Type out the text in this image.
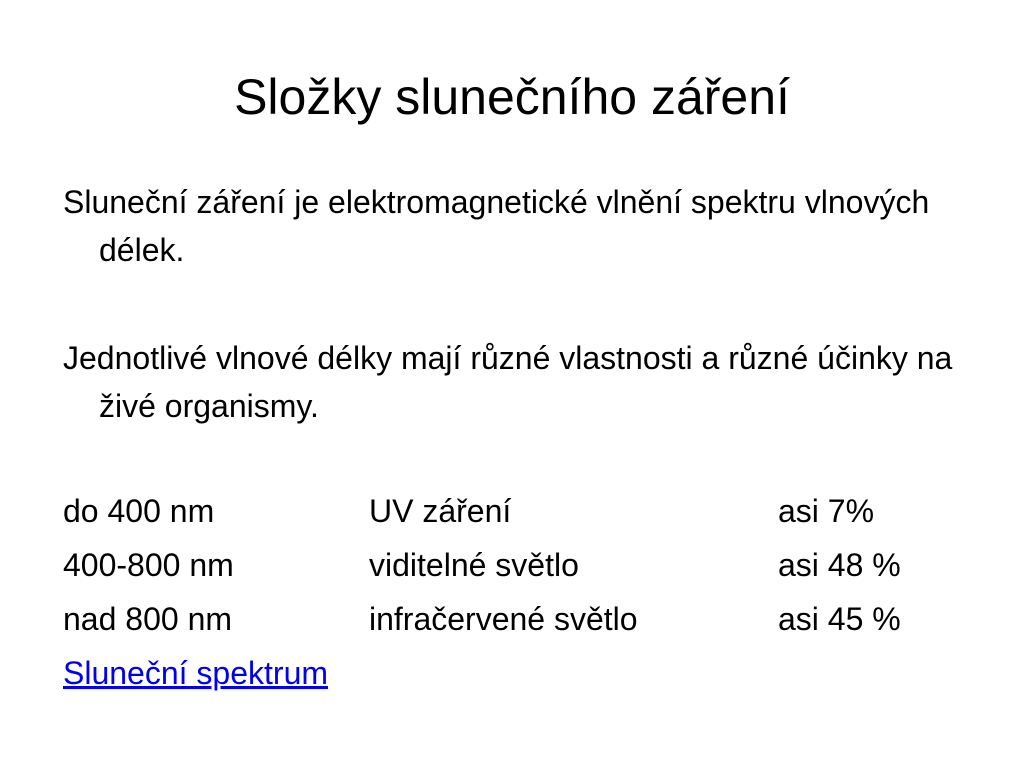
Složky slunečního záření

Sluneční záření je elektromagnetické vlnění spektru vlnových délek.

Jednotlivé vlnové délky mají různé vlastnosti a různé účinky na živé organismy.

do 400 nm	UV záření	asi 7%
400-800 nm	viditelné světlo	asi 48 %
nad 800 nm	infračervené světlo	asi 45 %
Sluneční spektrum
